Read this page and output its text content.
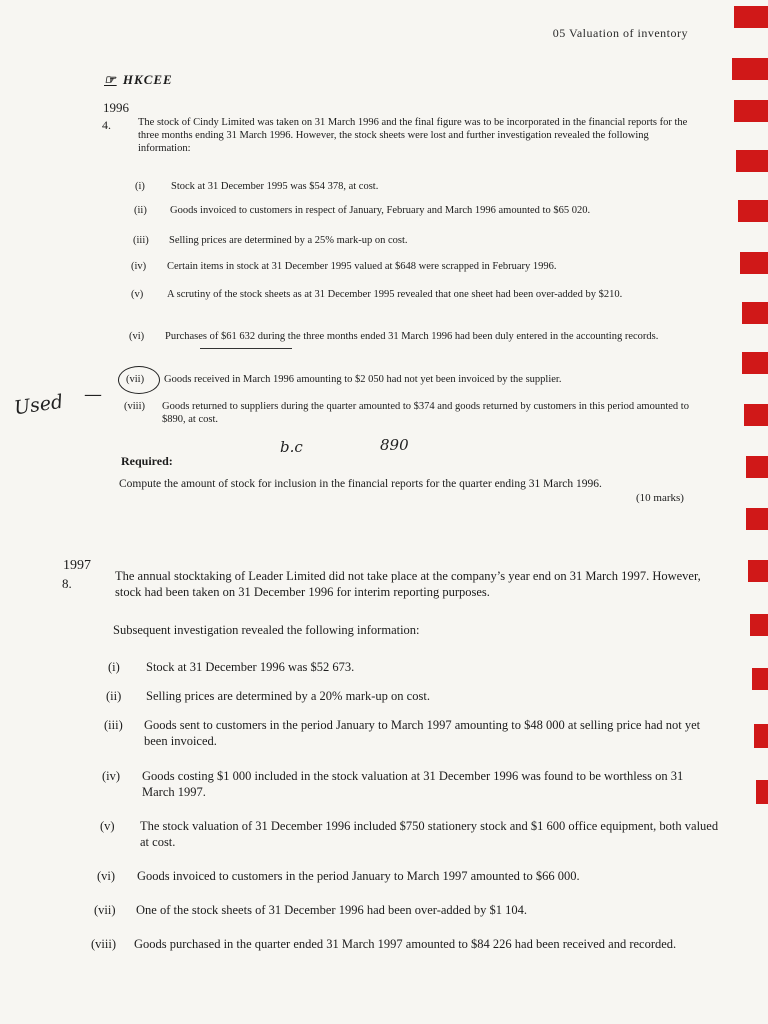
05 Valuation of inventory
☞ HKCEE
1996
4.	The stock of Cindy Limited was taken on 31 March 1996 and the final figure was to be incorporated in the financial reports for the three months ending 31 March 1996. However, the stock sheets were lost and further investigation revealed the following information:
(i) Stock at 31 December 1995 was $54 378, at cost.
(ii) Goods invoiced to customers in respect of January, February and March 1996 amounted to $65 020.
(iii) Selling prices are determined by a 25% mark-up on cost.
(iv) Certain items in stock at 31 December 1995 valued at $648 were scrapped in February 1996.
(v) A scrutiny of the stock sheets as at 31 December 1995 revealed that one sheet had been over-added by $210.
(vi) Purchases of $61 632 during the three months ended 31 March 1996 had been duly entered in the accounting records.
(vii) Goods received in March 1996 amounting to $2 050 had not yet been invoiced by the supplier.
(viii) Goods returned to suppliers during the quarter amounted to $374 and goods returned by customers in this period amounted to $890, at cost.
Required:
Compute the amount of stock for inclusion in the financial reports for the quarter ending 31 March 1996.
(10 marks)
Used —
b.c	890
1997
8.	The annual stocktaking of Leader Limited did not take place at the company’s year end on 31 March 1997. However, stock had been taken on 31 December 1996 for interim reporting purposes.
Subsequent investigation revealed the following information:
(i) Stock at 31 December 1996 was $52 673.
(ii) Selling prices are determined by a 20% mark-up on cost.
(iii) Goods sent to customers in the period January to March 1997 amounting to $48 000 at selling price had not yet been invoiced.
(iv) Goods costing $1 000 included in the stock valuation at 31 December 1996 was found to be worthless on 31 March 1997.
(v) The stock valuation of 31 December 1996 included $750 stationery stock and $1 600 office equipment, both valued at cost.
(vi) Goods invoiced to customers in the period January to March 1997 amounted to $66 000.
(vii) One of the stock sheets of 31 December 1996 had been over-added by $1 104.
(viii) Goods purchased in the quarter ended 31 March 1997 amounted to $84 226 had been received and recorded.
